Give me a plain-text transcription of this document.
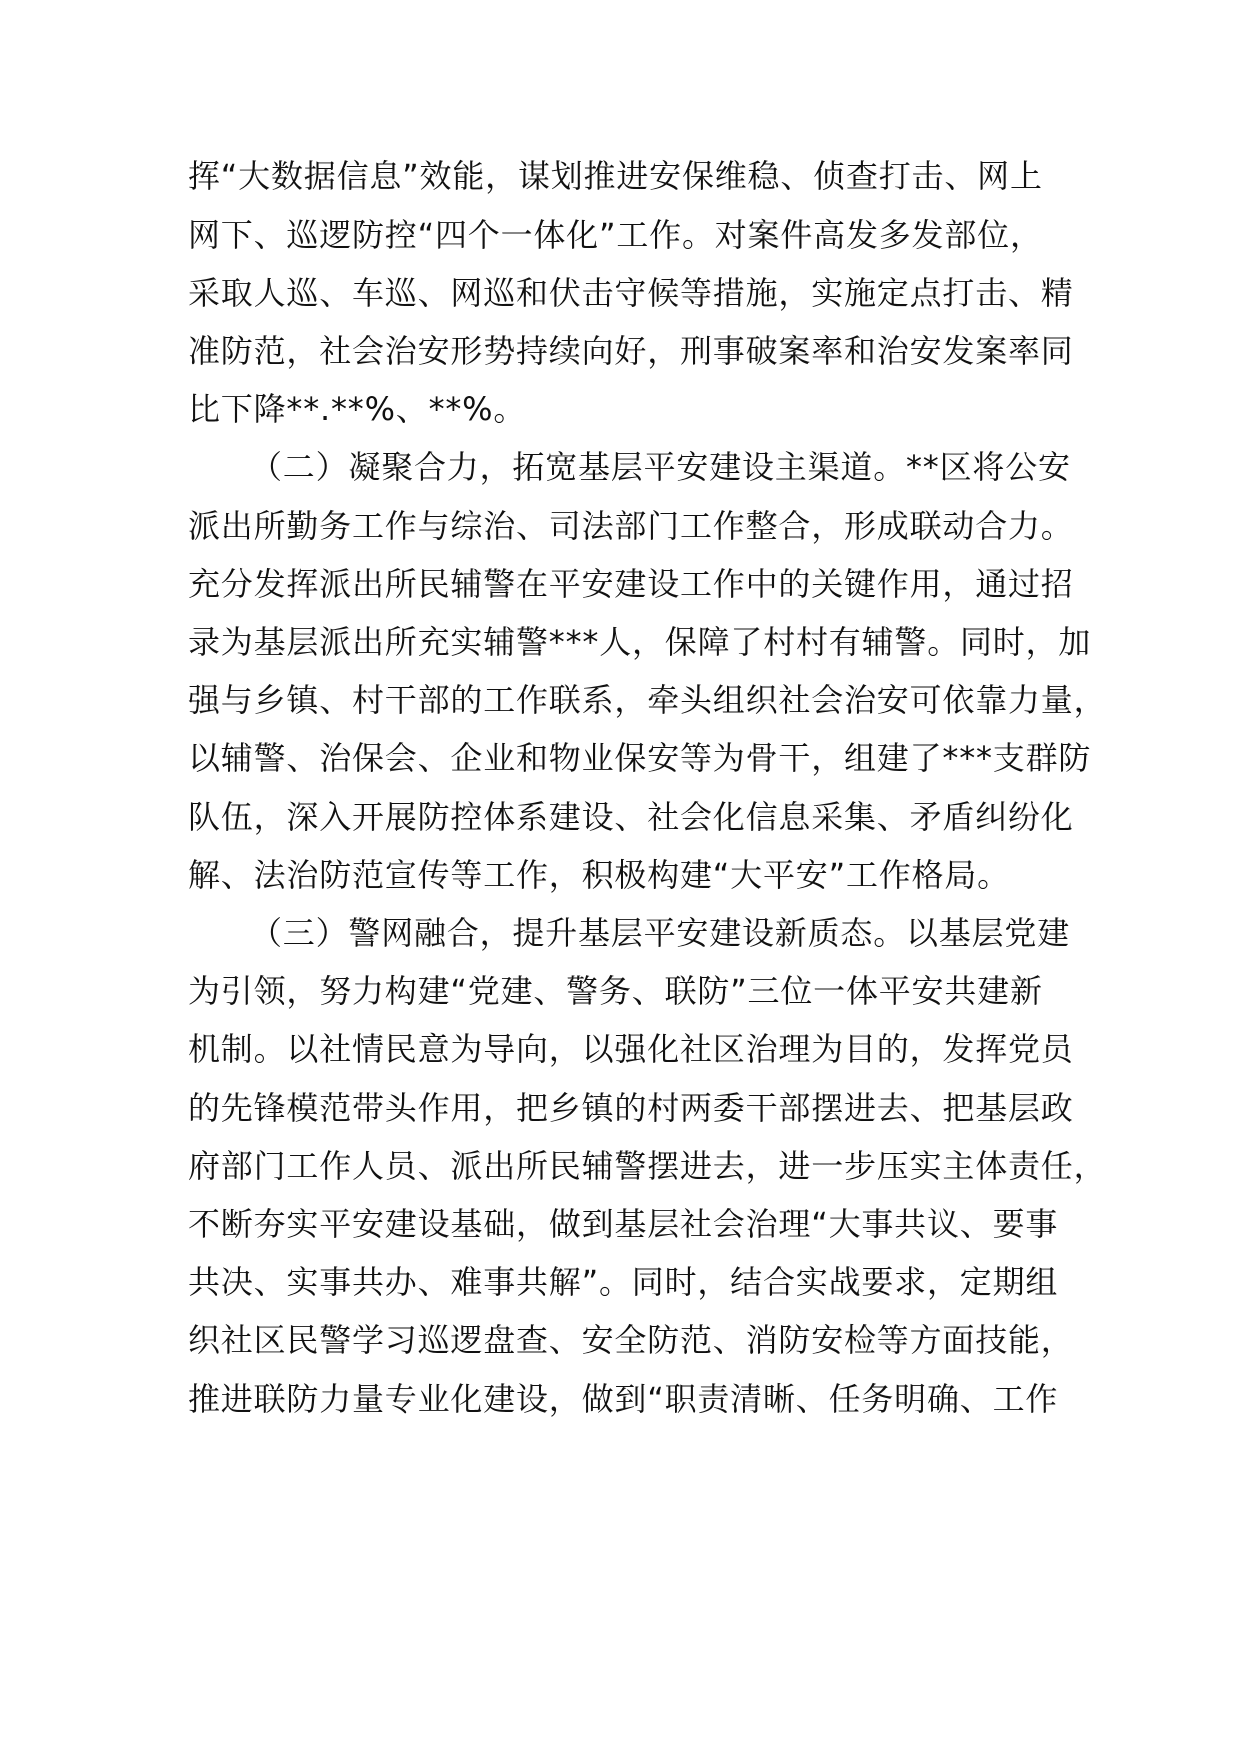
挥“大数据信息”效能，谋划推进安保维稳、侦查打击、网上
网下、巡逻防控“四个一体化”工作。对案件高发多发部位，
采取人巡、车巡、网巡和伏击守候等措施，实施定点打击、精
准防范，社会治安形势持续向好，刑事破案率和治安发案率同
比下降**.**%、**%。
（二）凝聚合力，拓宽基层平安建设主渠道。**区将公安
派出所勤务工作与综治、司法部门工作整合，形成联动合力。
充分发挥派出所民辅警在平安建设工作中的关键作用，通过招
录为基层派出所充实辅警***人，保障了村村有辅警。同时，加
强与乡镇、村干部的工作联系，牵头组织社会治安可依靠力量，
以辅警、治保会、企业和物业保安等为骨干，组建了***支群防
队伍，深入开展防控体系建设、社会化信息采集、矛盾纠纷化
解、法治防范宣传等工作，积极构建“大平安”工作格局。
（三）警网融合，提升基层平安建设新质态。以基层党建
为引领，努力构建“党建、警务、联防”三位一体平安共建新
机制。以社情民意为导向，以强化社区治理为目的，发挥党员
的先锋模范带头作用，把乡镇的村两委干部摆进去、把基层政
府部门工作人员、派出所民辅警摆进去，进一步压实主体责任，
不断夯实平安建设基础，做到基层社会治理“大事共议、要事
共决、实事共办、难事共解”。同时，结合实战要求，定期组
织社区民警学习巡逻盘查、安全防范、消防安检等方面技能，
推进联防力量专业化建设，做到“职责清晰、任务明确、工作
